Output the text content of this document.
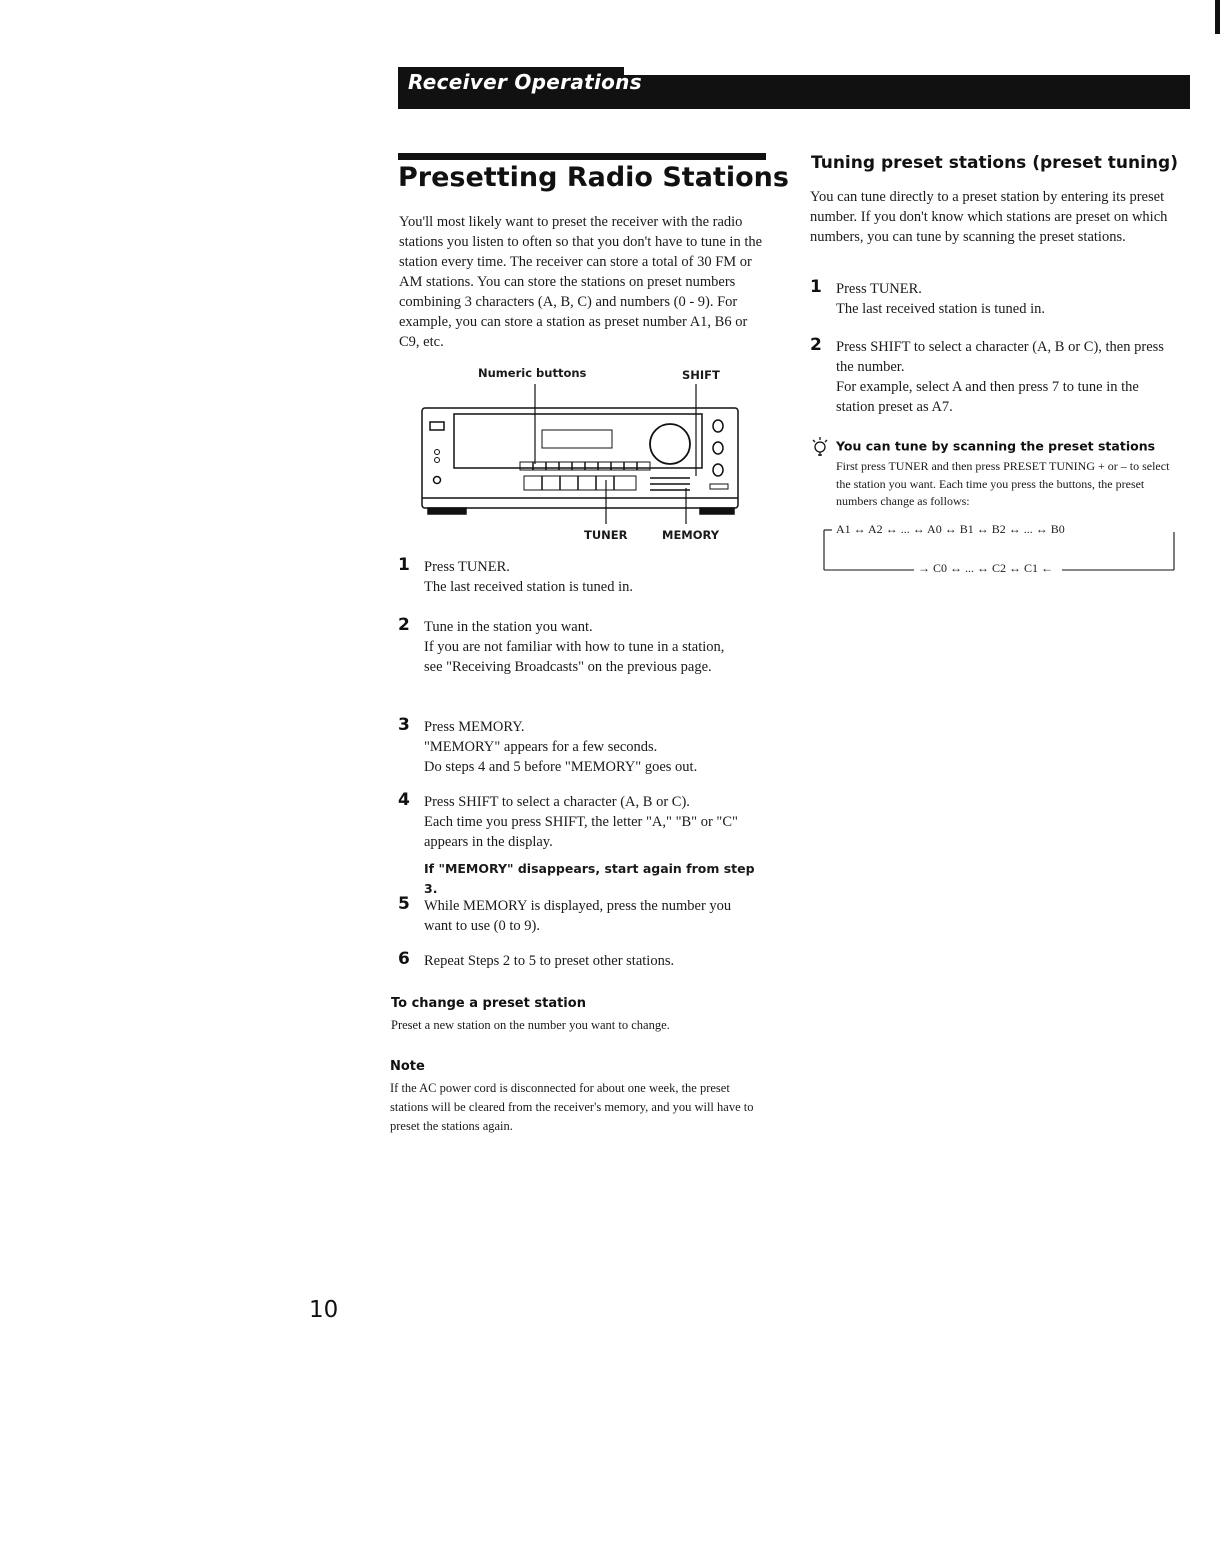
Receiver Operations
Presetting Radio Stations
You'll most likely want to preset the receiver with the radio stations you listen to often so that you don't have to tune in the station every time. The receiver can store a total of 30 FM or AM stations. You can store the stations on preset numbers combining 3 characters (A, B, C) and numbers (0 - 9). For example, you can store a station as preset number A1, B6 or C9, etc.
Numeric buttons	SHIFT
TUNER	MEMORY
1 Press TUNER.
The last received station is tuned in.
2 Tune in the station you want.
If you are not familiar with how to tune in a station, see "Receiving Broadcasts" on the previous page.
3 Press MEMORY.
"MEMORY" appears for a few seconds.
Do steps 4 and 5 before "MEMORY" goes out.
4 Press SHIFT to select a character (A, B or C).
Each time you press SHIFT, the letter "A," "B" or "C" appears in the display.
If "MEMORY" disappears, start again from step 3.
5 While MEMORY is displayed, press the number you want to use (0 to 9).
6 Repeat Steps 2 to 5 to preset other stations.
To change a preset station
Preset a new station on the number you want to change.
Note
If the AC power cord is disconnected for about one week, the preset stations will be cleared from the receiver's memory, and you will have to preset the stations again.
Tuning preset stations (preset tuning)
You can tune directly to a preset station by entering its preset number. If you don't know which stations are preset on which numbers, you can tune by scanning the preset stations.
1 Press TUNER.
The last received station is tuned in.
2 Press SHIFT to select a character (A, B or C), then press the number.
For example, select A and then press 7 to tune in the station preset as A7.
You can tune by scanning the preset stations
First press TUNER and then press PRESET TUNING + or – to select the station you want. Each time you press the buttons, the preset numbers change as follows:
A1 ↔ A2 ↔ ... ↔ A0 ↔ B1 ↔ B2 ↔ ... ↔ B0
→ C0 ↔ ... ↔ C2 ↔ C1 ←
10
